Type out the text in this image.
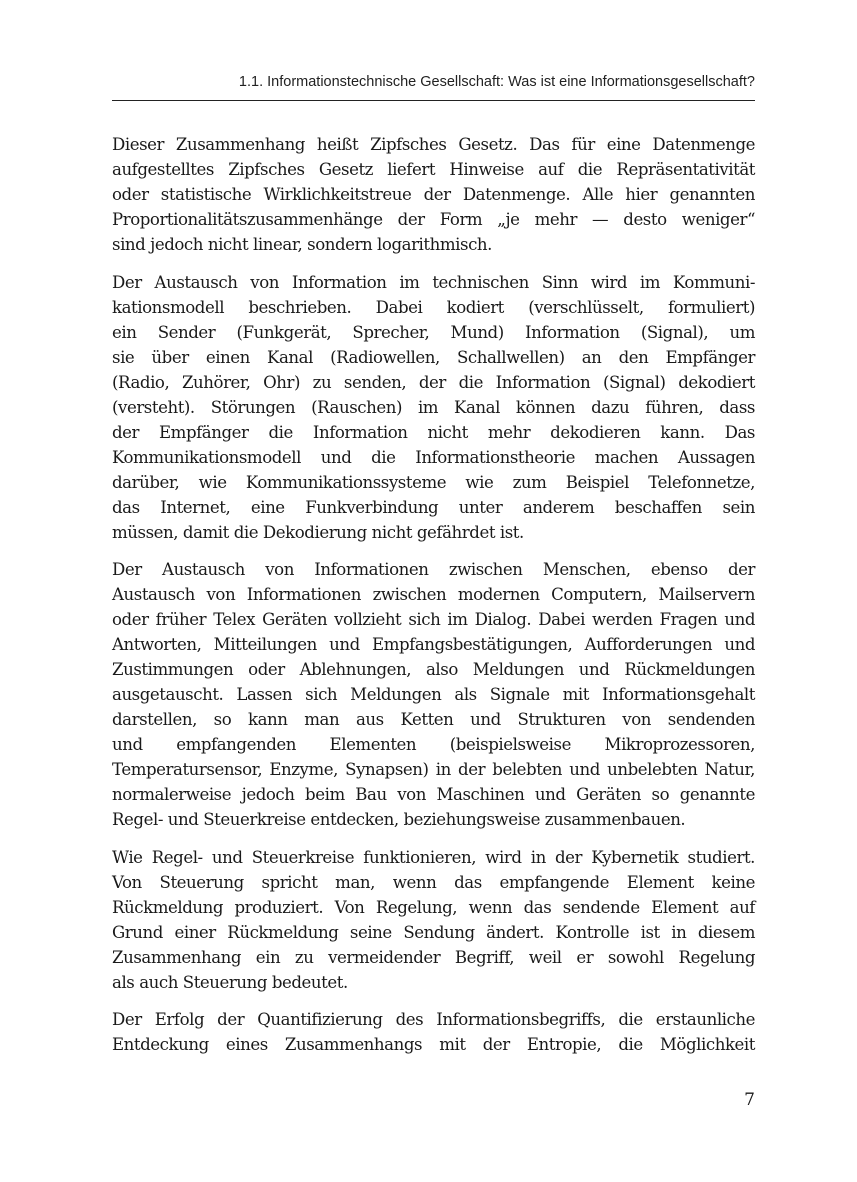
1.1. Informationstechnische Gesellschaft: Was ist eine Informationsgesellschaft?
Dieser Zusammenhang heißt Zipfsches Gesetz. Das für eine Datenmenge
aufgestelltes Zipfsches Gesetz liefert Hinweise auf die Repräsentativität
oder statistische Wirklichkeitstreue der Datenmenge. Alle hier genannten
Proportionalitätszusammenhänge der Form „je mehr — desto weniger“
sind jedoch nicht linear, sondern logarithmisch.
Der Austausch von Information im technischen Sinn wird im Kommuni-
kationsmodell beschrieben. Dabei kodiert (verschlüsselt, formuliert)
ein Sender (Funkgerät, Sprecher, Mund) Information (Signal), um
sie über einen Kanal (Radiowellen, Schallwellen) an den Empfänger
(Radio, Zuhörer, Ohr) zu senden, der die Information (Signal) dekodiert
(versteht). Störungen (Rauschen) im Kanal können dazu führen, dass
der Empfänger die Information nicht mehr dekodieren kann. Das
Kommunikationsmodell und die Informationstheorie machen Aussagen
darüber, wie Kommunikationssysteme wie zum Beispiel Telefonnetze,
das Internet, eine Funkverbindung unter anderem beschaffen sein
müssen, damit die Dekodierung nicht gefährdet ist.
Der Austausch von Informationen zwischen Menschen, ebenso der
Austausch von Informationen zwischen modernen Computern, Mailservern
oder früher Telex Geräten vollzieht sich im Dialog. Dabei werden Fragen und
Antworten, Mitteilungen und Empfangsbestätigungen, Aufforderungen und
Zustimmungen oder Ablehnungen, also Meldungen und Rückmeldungen
ausgetauscht. Lassen sich Meldungen als Signale mit Informationsgehalt
darstellen, so kann man aus Ketten und Strukturen von sendenden
und empfangenden Elementen (beispielsweise Mikroprozessoren,
Temperatursensor, Enzyme, Synapsen) in der belebten und unbelebten Natur,
normalerweise jedoch beim Bau von Maschinen und Geräten so genannte
Regel- und Steuerkreise entdecken, beziehungsweise zusammenbauen.
Wie Regel- und Steuerkreise funktionieren, wird in der Kybernetik studiert.
Von Steuerung spricht man, wenn das empfangende Element keine
Rückmeldung produziert. Von Regelung, wenn das sendende Element auf
Grund einer Rückmeldung seine Sendung ändert. Kontrolle ist in diesem
Zusammenhang ein zu vermeidender Begriff, weil er sowohl Regelung
als auch Steuerung bedeutet.
Der Erfolg der Quantifizierung des Informationsbegriffs, die erstaunliche
Entdeckung eines Zusammenhangs mit der Entropie, die Möglichkeit
7
